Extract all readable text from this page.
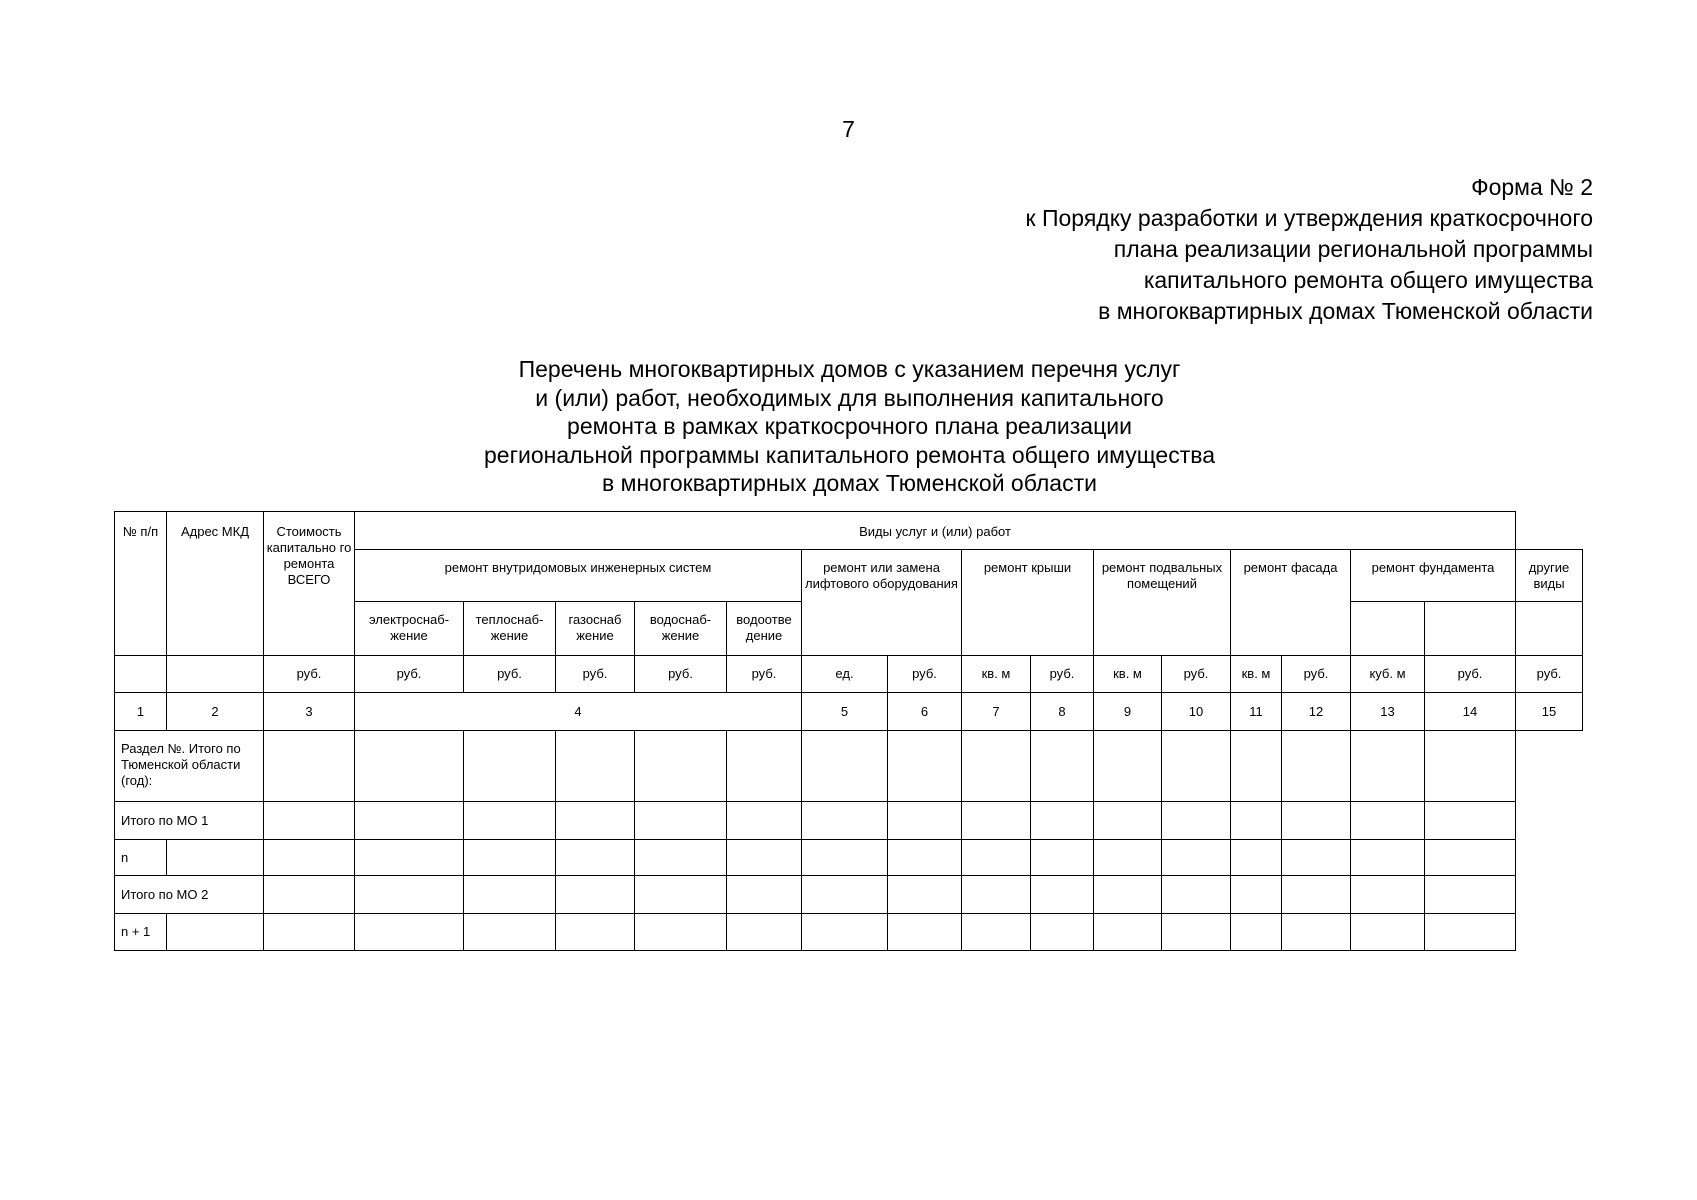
7
Форма № 2
к Порядку разработки и утверждения краткосрочного
плана реализации региональной программы
капитального ремонта общего имущества
в многоквартирных домах Тюменской области
Перечень многоквартирных домов с указанием перечня услуг
и (или) работ, необходимых для выполнения капитального
ремонта в рамках краткосрочного плана реализации
региональной программы капитального ремонта общего имущества
в многоквартирных домах Тюменской области
№ п/п	Адрес МКД	Стоимость капитально го ремонта ВСЕГО	Виды услуг и (или) работ															
			ремонт внутридомовых инженерных систем					ремонт или замена лифтового оборудования		ремонт крыши		ремонт подвальных помещений		ремонт фасада		ремонт фундамента		другие виды
			электроснаб-жение	теплоснаб-жение	газоснаб жение	водоснаб-жение	водоотве дение											
		руб.	руб.	руб.	руб.	руб.	руб.	ед.	руб.	кв. м	руб.	кв. м	руб.	кв. м	руб.	куб. м	руб.	руб.
1	2	3	4					5	6	7	8	9	10	11	12	13	14	15
Раздел №. Итого по Тюменской области (год):																		
Итого по МО 1																		
n																		
Итого по МО 2																		
n + 1																		
